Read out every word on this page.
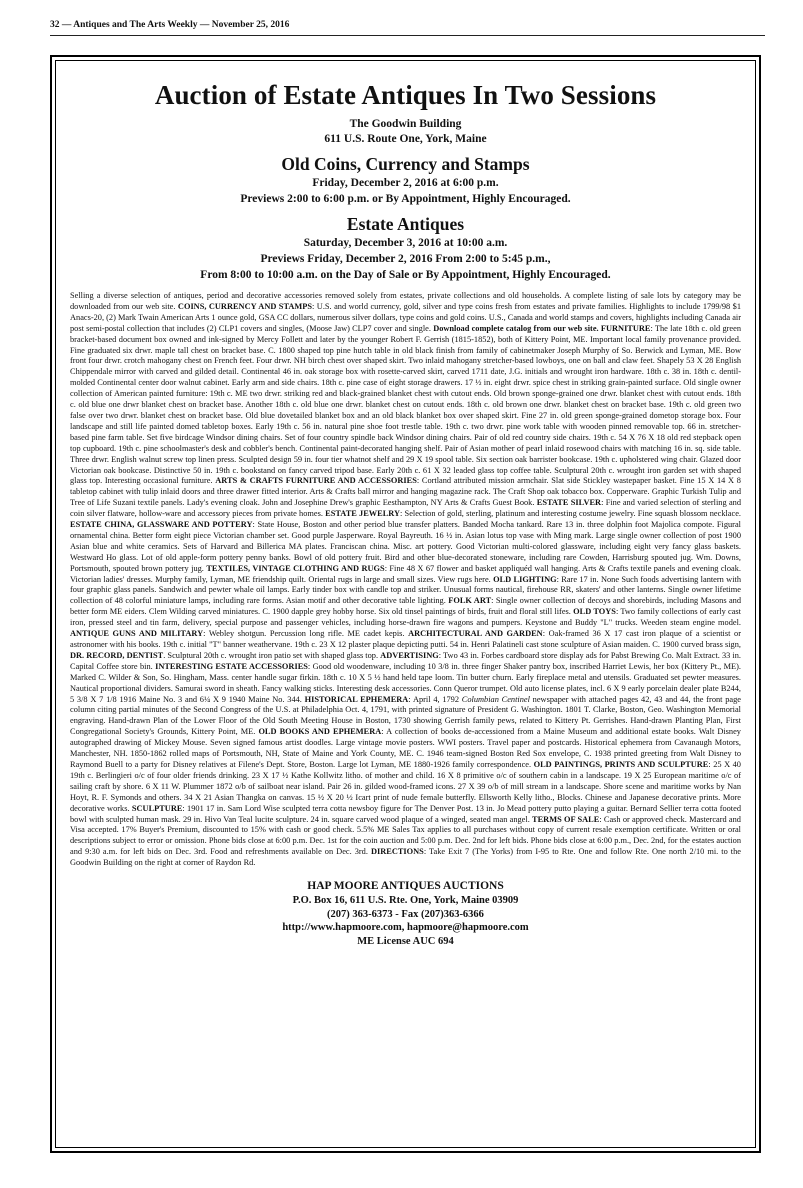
32 — Antiques and The Arts Weekly — November 25, 2016
Auction of Estate Antiques In Two Sessions
The Goodwin Building
611 U.S. Route One, York, Maine
Old Coins, Currency and Stamps
Friday, December 2, 2016 at 6:00 p.m.
Previews 2:00 to 6:00 p.m. or By Appointment, Highly Encouraged.
Estate Antiques
Saturday, December 3, 2016 at 10:00 a.m.
Previews Friday, December 2, 2016 From 2:00 to 5:45 p.m.,
From 8:00 to 10:00 a.m. on the Day of Sale or By Appointment, Highly Encouraged.

Selling a diverse selection of antiques, period and decorative accessories removed solely from estates, private collections and old households. A complete listing of sale lots by category may be downloaded from our web site. COINS, CURRENCY AND STAMPS: U.S. and world currency, gold, silver and type coins fresh from estates and private families. Highlights to include 1799/98 $1 Anacs-20, (2) Mark Twain American Arts 1 ounce gold, GSA CC dollars, numerous silver dollars, type coins and gold coins. U.S., Canada and world stamps and covers, highlights including Canada air post semi-postal collection that includes (2) CLP1 covers and singles, (Moose Jaw) CLP7 cover and single. Download complete catalog from our web site. FURNITURE: The late 18th c. old green bracket-based document box owned and ink-signed by Mercy Follett and later by the younger Robert F. Gerrish (1815-1852), both of Kittery Point, ME. Important local family provenance provided. Fine graduated six drwr. maple tall chest on bracket base. C. 1800 shaped top pine hutch table in old black finish from family of cabinetmaker Joseph Murphy of So. Berwick and Lyman, ME. Bow front four drwr. crotch mahogany chest on French feet. Four drwr. NH birch chest over shaped skirt. Two inlaid mahogany stretcher-based lowboys, one on ball and claw feet. Shapely 53 X 28 English Chippendale mirror with carved and gilded detail. Continental 46 in. oak storage box with rosette-carved skirt, carved 1711 date, J.G. initials and wrought iron hardware. 18th c. 38 in. 18th c. dentil-molded Continental center door walnut cabinet. Early arm and side chairs. 18th c. pine case of eight storage drawers. 17 ½ in. eight drwr. spice chest in striking grain-painted surface. Old single owner collection of American painted furniture: 19th c. ME two drwr. striking red and black-grained blanket chest with cutout ends. Old brown sponge-grained one drwr. blanket chest with cutout ends. 18th c. old blue one drwr blanket chest on bracket base. Another 18th c. old blue one drwr. blanket chest on cutout ends. 18th c. old brown one drwr. blanket chest on bracket base. 19th c. old green two false over two drwr. blanket chest on bracket base. Old blue dovetailed blanket box and an old black blanket box over shaped skirt. Fine 27 in. old green sponge-grained dometop storage box. Four landscape and still life painted domed tabletop boxes. Early 19th c. 56 in. natural pine shoe foot trestle table. 19th c. two drwr. pine work table with wooden pinned removable top. 66 in. stretcher-based pine farm table. Set five birdcage Windsor dining chairs. Set of four country spindle back Windsor dining chairs. Pair of old red country side chairs. 19th c. 54 X 76 X 18 old red stepback open top cupboard. 19th c. pine schoolmaster's desk and cobbler's bench. Continental paint-decorated hanging shelf. Pair of Asian mother of pearl inlaid rosewood chairs with matching 16 in. sq. side table. Three drwr. English walnut screw top linen press. Sculpted design 59 in. four tier whatnot shelf and 29 X 19 spool table. Six section oak barrister bookcase. 19th c. upholstered wing chair. Glazed door Victorian oak bookcase. Distinctive 50 in. 19th c. bookstand on fancy carved tripod base. Early 20th c. 61 X 32 leaded glass top coffee table. Sculptural 20th c. wrought iron garden set with shaped glass top. Interesting occasional furniture. ARTS & CRAFTS FURNITURE AND ACCESSORIES: Cortland attributed mission armchair. Slat side Stickley wastepaper basket. Fine 15 X 14 X 8 tabletop cabinet with tulip inlaid doors and three drawer fitted interior. Arts & Crafts ball mirror and hanging magazine rack. The Craft Shop oak tobacco box. Copperware. Graphic Turkish Tulip and Tree of Life Suzani textile panels. Lady's evening cloak. John and Josephine Drew's graphic Eesthampton, NY Arts & Crafts Guest Book. ESTATE SILVER: Fine and varied selection of sterling and coin silver flatware, hollow-ware and accessory pieces from private homes. ESTATE JEWELRY: Selection of gold, sterling, platinum and interesting costume jewelry. Fine squash blossom necklace. ESTATE CHINA, GLASSWARE AND POTTERY: State House, Boston and other period blue transfer platters. Banded Mocha tankard. Rare 13 in. three dolphin foot Majolica compote. Figural ornamental china. Better form eight piece Victorian chamber set. Good purple Jasperware. Royal Bayreuth. 16 ½ in. Asian lotus top vase with Ming mark. Large single owner collection of post 1900 Asian blue and white ceramics. Sets of Harvard and Billerica MA plates. Franciscan china. Misc. art pottery. Good Victorian multi-colored glassware, including eight very fancy glass baskets. Westward Ho glass. Lot of old apple-form pottery penny banks. Bowl of old pottery fruit. Bird and other blue-decorated stoneware, including rare Cowden, Harrisburg spouted jug. Wm. Downs, Portsmouth, spouted brown pottery jug. TEXTILES, VINTAGE CLOTHING AND RUGS: Fine 48 X 67 flower and basket appliquéd wall hanging. Arts & Crafts textile panels and evening cloak. Victorian ladies' dresses. Murphy family, Lyman, ME friendship quilt. Oriental rugs in large and small sizes. View rugs here. OLD LIGHTING: Rare 17 in. None Such foods advertising lantern with four graphic glass panels. Sandwich and pewter whale oil lamps. Early tinder box with candle top and striker. Unusual forms nautical, firehouse RR, skaters' and other lanterns. Single owner lifetime collection of 48 colorful miniature lamps, including rare forms. Asian motif and other decorative table lighting. FOLK ART: Single owner collection of decoys and shorebirds, including Masons and better form ME eiders. Clem Wilding carved miniatures. C. 1900 dapple grey hobby horse. Six old tinsel paintings of birds, fruit and floral still lifes. OLD TOYS: Two family collections of early cast iron, pressed steel and tin farm, delivery, special purpose and passenger vehicles, including horse-drawn fire wagons and pumpers. Keystone and Buddy "L" trucks. Weeden steam engine model. ANTIQUE GUNS AND MILITARY: Webley shotgun. Percussion long rifle. ME cadet kepis. ARCHITECTURAL AND GARDEN: Oak-framed 36 X 17 cast iron plaque of a scientist or astronomer with his books. 19th c. initial "T" banner weathervane. 19th c. 23 X 12 plaster plaque depicting putti. 54 in. Henri Palatineli cast stone sculpture of Asian maiden. C. 1900 curved brass sign, DR. RECORD, DENTIST. Sculptural 20th c. wrought iron patio set with shaped glass top. ADVERTISING: Two 43 in. Forbes cardboard store display ads for Pabst Brewing Co. Malt Extract. 33 in. Capital Coffee store bin. INTERESTING ESTATE ACCESSORIES: Good old woodenware, including 10 3/8 in. three finger Shaker pantry box, inscribed Harriet Lewis, her box (Kittery Pt., ME). Marked C. Wilder & Son, So. Hingham, Mass. center handle sugar firkin. 18th c. 10 X 5 ½ hand held tape loom. Tin butter churn. Early fireplace metal and utensils. Graduated set pewter measures. Nautical proportional dividers. Samurai sword in sheath. Fancy walking sticks. Interesting desk accessories. Conn Queror trumpet. Old auto license plates, incl. 6 X 9 early porcelain dealer plate B244, 5 3/8 X 7 1/8 1916 Maine No. 3 and 6¼ X 9 1940 Maine No. 344. HISTORICAL EPHEMERA: April 4, 1792 Columbian Centinel newspaper with attached pages 42, 43 and 44, the front page column citing partial minutes of the Second Congress of the U.S. at Philadelphia Oct. 4, 1791, with printed signature of President G. Washington. 1801 T. Clarke, Boston, Geo. Washington Memorial engraving. Hand-drawn Plan of the Lower Floor of the Old South Meeting House in Boston, 1730 showing Gerrish family pews, related to Kittery Pt. Gerrishes. Hand-drawn Planting Plan, First Congregational Society's Grounds, Kittery Point, ME. OLD BOOKS AND EPHEMERA: A collection of books de-accessioned from a Maine Museum and additional estate books. Walt Disney autographed drawing of Mickey Mouse. Seven signed famous artist doodles. Large vintage movie posters. WWI posters. Travel paper and postcards. Historical ephemera from Cavanaugh Motors, Manchester, NH. 1850-1862 rolled maps of Portsmouth, NH, State of Maine and York County, ME. C. 1946 team-signed Boston Red Sox envelope, C. 1938 printed greeting from Walt Disney to Raymond Buell to a party for Disney relatives at Filene's Dept. Store, Boston. Large lot Lyman, ME 1880-1926 family correspondence. OLD PAINTINGS, PRINTS AND SCULPTURE: 25 X 40 19th c. Berlingieri o/c of four older friends drinking. 23 X 17 ½ Kathe Kollwitz litho. of mother and child. 16 X 8 primitive o/c of southern cabin in a landscape. 19 X 25 European maritime o/c of sailing craft by shore. 6 X 11 W. Plummer 1872 o/b of sailboat near island. Pair 26 in. gilded wood-framed icons. 27 X 39 o/b of mill stream in a landscape. Shore scene and maritime works by Nan Hoyt, R. F. Symonds and others. 34 X 21 Asian Thangka on canvas. 15 ½ X 20 ½ Icart print of nude female butterfly. Ellsworth Kelly litho., Blocks. Chinese and Japanese decorative prints. More decorative works. SCULPTURE: 1901 17 in. Sam Lord Wise sculpted terra cotta newsboy figure for The Denver Post. 13 in. Jo Mead pottery putto playing a guitar. Bernard Sellier terra cotta footed bowl with sculpted human mask. 29 in. Hivo Van Teal lucite sculpture. 24 in. square carved wood plaque of a winged, seated man angel. TERMS OF SALE: Cash or approved check. Mastercard and Visa accepted. 17% Buyer's Premium, discounted to 15% with cash or good check. 5.5% ME Sales Tax applies to all purchases without copy of current resale exemption certificate. Written or oral descriptions subject to error or omission. Phone bids close at 6:00 p.m. Dec. 1st for the coin auction and 5:00 p.m. Dec. 2nd for left bids. Phone bids close at 6:00 p.m., Dec. 2nd, for the estates auction and 9:30 a.m. for left bids on Dec. 3rd. Food and refreshments available on Dec. 3rd. DIRECTIONS: Take Exit 7 (The Yorks) from I-95 to Rte. One and follow Rte. One north 2/10 mi. to the Goodwin Building on the right at corner of Raydon Rd.

HAP MOORE ANTIQUES AUCTIONS
P.O. Box 16, 611 U.S. Rte. One, York, Maine 03909
(207) 363-6373 - Fax (207)363-6366
http://www.hapmoore.com, hapmoore@hapmoore.com
ME License AUC 694
